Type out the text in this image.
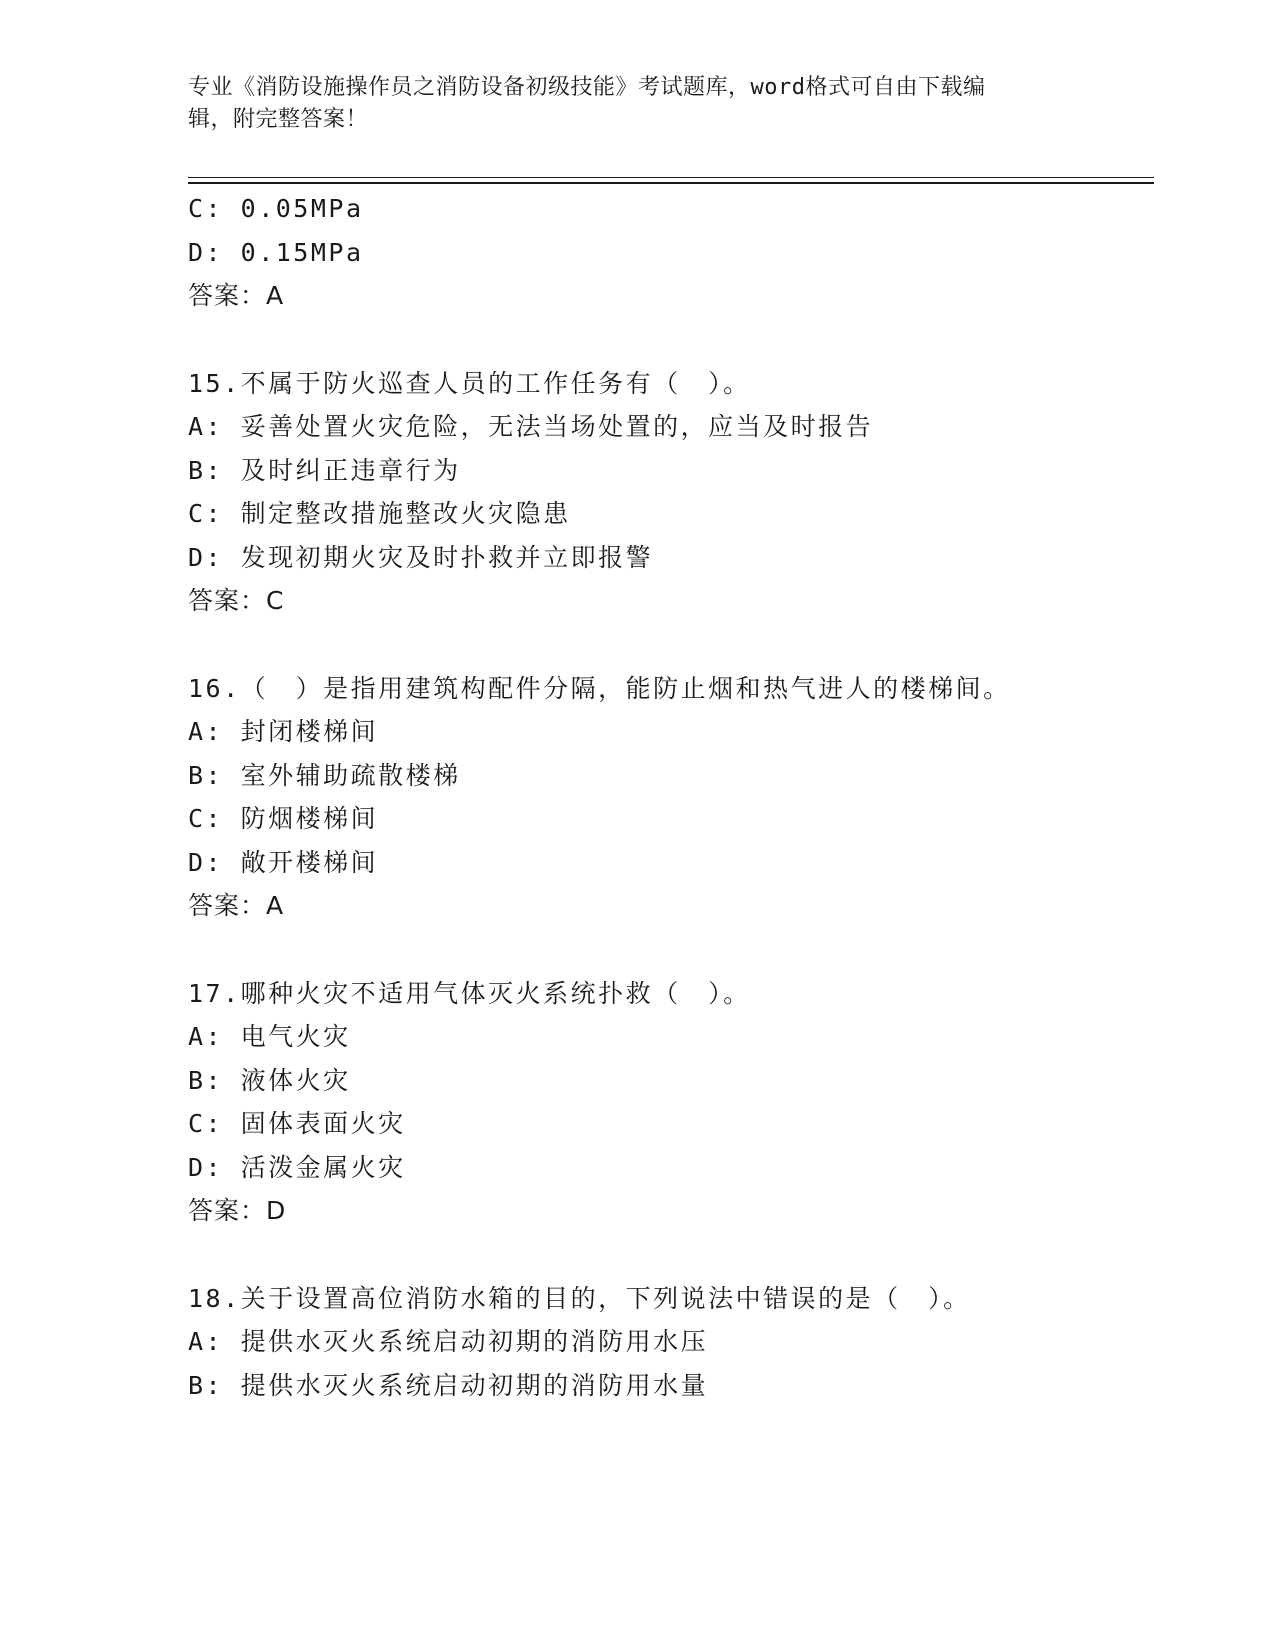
专业《消防设施操作员之消防设备初级技能》考试题库，word格式可自由下载编
辑，附完整答案！
C: 0.05MPa
D: 0.15MPa
答案：A
15.不属于防火巡查人员的工作任务有（　）。
A: 妥善处置火灾危险，无法当场处置的，应当及时报告
B: 及时纠正违章行为
C: 制定整改措施整改火灾隐患
D: 发现初期火灾及时扑救并立即报警
答案：C
16.（　）是指用建筑构配件分隔，能防止烟和热气进人的楼梯间。
A: 封闭楼梯间
B: 室外辅助疏散楼梯
C: 防烟楼梯间
D: 敞开楼梯间
答案：A
17.哪种火灾不适用气体灭火系统扑救（　）。
A: 电气火灾
B: 液体火灾
C: 固体表面火灾
D: 活泼金属火灾
答案：D
18.关于设置高位消防水箱的目的，下列说法中错误的是（　）。
A: 提供水灭火系统启动初期的消防用水压
B: 提供水灭火系统启动初期的消防用水量
